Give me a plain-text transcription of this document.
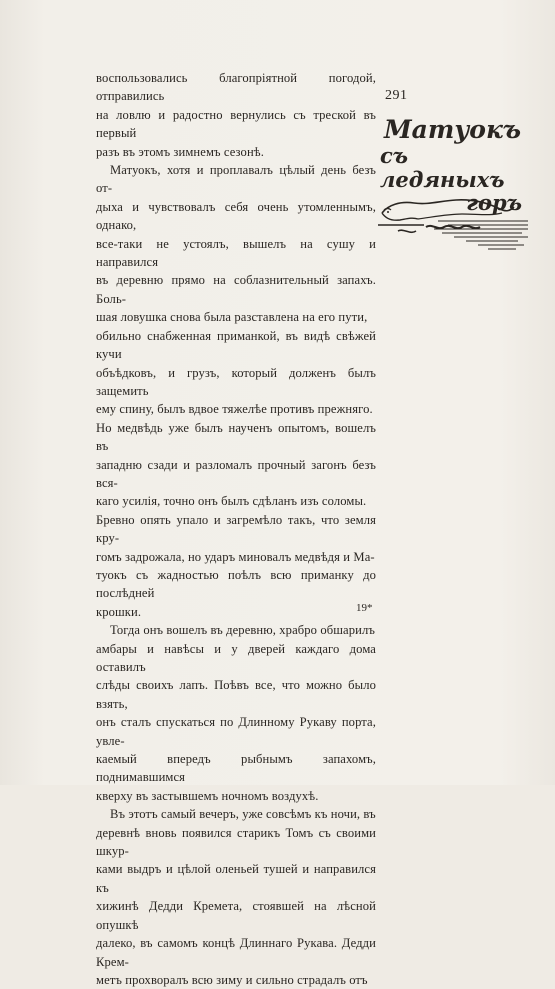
воспользовались благопріятной погодой, отправились
на ловлю и радостно вернулись съ треской въ первый
разъ въ этомъ зимнемъ сезонѣ.

Матуокъ, хотя и проплавалъ цѣлый день безъ от-
дыха и чувствовалъ себя очень утомленнымъ, однако,
все-таки не устоялъ, вышелъ на сушу и направился
въ деревню прямо на соблазнительный запахъ. Боль-
шая ловушка снова была разставлена на его пути,
обильно снабженная приманкой, въ видѣ свѣжей кучи
объѣдковъ, и грузъ, который долженъ былъ защемить
ему спину, былъ вдвое тяжелѣе противъ прежняго.
Но медвѣдь уже былъ наученъ опытомъ, вошелъ въ
западню сзади и разломалъ прочный загонъ безъ вся-
каго усилія, точно онъ былъ сдѣланъ изъ соломы.
Бревно опять упало и загремѣло такъ, что земля кру-
гомъ задрожала, но ударъ миновалъ медвѣдя и Ма-
туокъ съ жадностью поѣлъ всю приманку до послѣдней
крошки.

Тогда онъ вошелъ въ деревню, храбро обшарилъ
амбары и навѣсы и у дверей каждаго дома оставилъ
слѣды своихъ лапъ. Поѣвъ все, что можно было взять,
онъ сталъ спускаться по Длинному Рукаву порта, увле-
каемый впередъ рыбнымъ запахомъ, поднимавшимся
кверху въ застывшемъ ночномъ воздухѣ.

Въ этотъ самый вечеръ, уже совсѣмъ къ ночи, въ
деревнѣ вновь появился старикъ Томъ съ своими шкур-
ками выдръ и цѣлой оленьей тушей и направился къ
хижинѣ Дедди Кремета, стоявшей на лѣсной опушкѣ
далеко, въ самомъ концѣ Длиннаго Рукава. Дедди Крем-
метъ прохворалъ всю зиму и сильно страдалъ отъ

291
Матуокъ
съ ледяныхъ
горъ
19*
